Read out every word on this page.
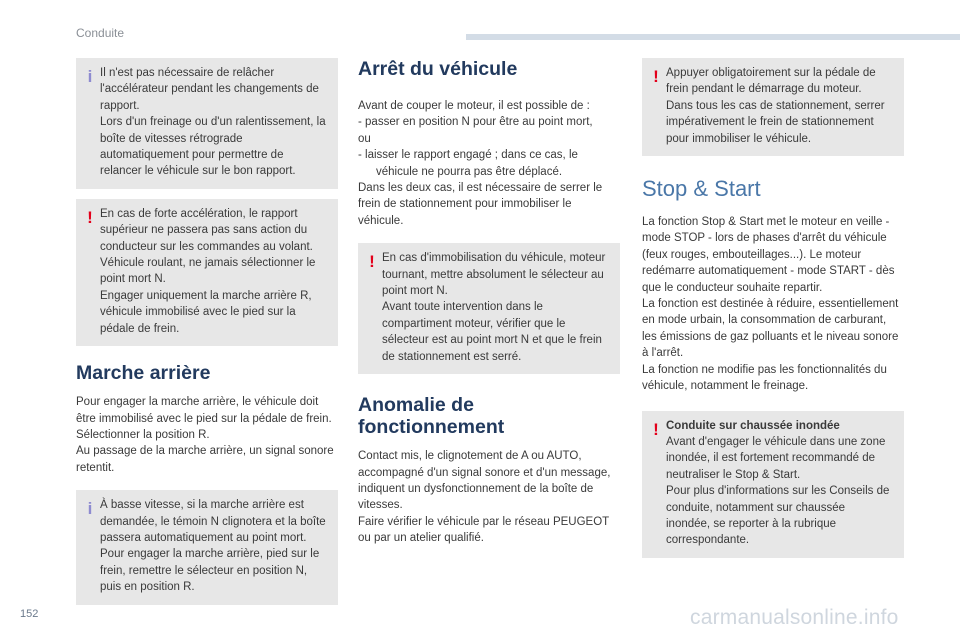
Conduite
i Il n'est pas nécessaire de relâcher l'accélérateur pendant les changements de rapport.

Lors d'un freinage ou d'un ralentissement, la boîte de vitesses rétrograde automatiquement pour permettre de relancer le véhicule sur le bon rapport.

! En cas de forte accélération, le rapport supérieur ne passera pas sans action du conducteur sur les commandes au volant.

Véhicule roulant, ne jamais sélectionner le point mort N.

Engager uniquement la marche arrière R, véhicule immobilisé avec le pied sur la pédale de frein.

Marche arrière

Pour engager la marche arrière, le véhicule doit être immobilisé avec le pied sur la pédale de frein.

Sélectionner la position R.

Au passage de la marche arrière, un signal sonore retentit.

i À basse vitesse, si la marche arrière est demandée, le témoin N clignotera et la boîte passera automatiquement au point mort. Pour engager la marche arrière, pied sur le frein, remettre le sélecteur en position N, puis en position R.

Arrêt du véhicule

Avant de couper le moteur, il est possible de :

- passer en position N pour être au point mort,

ou

- laisser le rapport engagé ; dans ce cas, le véhicule ne pourra pas être déplacé.

Dans les deux cas, il est nécessaire de serrer le frein de stationnement pour immobiliser le véhicule.

! En cas d'immobilisation du véhicule, moteur tournant, mettre absolument le sélecteur au point mort N.

Avant toute intervention dans le compartiment moteur, vérifier que le sélecteur est au point mort N et que le frein de stationnement est serré.

Anomalie de fonctionnement

Contact mis, le clignotement de A ou AUTO, accompagné d'un signal sonore et d'un message, indiquent un dysfonctionnement de la boîte de vitesses.

Faire vérifier le véhicule par le réseau PEUGEOT ou par un atelier qualifié.

! Appuyer obligatoirement sur la pédale de frein pendant le démarrage du moteur.

Dans tous les cas de stationnement, serrer impérativement le frein de stationnement pour immobiliser le véhicule.

Stop & Start

La fonction Stop & Start met le moteur en veille - mode STOP - lors de phases d'arrêt du véhicule (feux rouges, embouteillages...). Le moteur redémarre automatiquement - mode START - dès que le conducteur souhaite repartir.

La fonction est destinée à réduire, essentiellement en mode urbain, la consommation de carburant, les émissions de gaz polluants et le niveau sonore à l'arrêt.

La fonction ne modifie pas les fonctionnalités du véhicule, notamment le freinage.

! Conduite sur chaussée inondée

Avant d'engager le véhicule dans une zone inondée, il est fortement recommandé de neutraliser le Stop & Start.

Pour plus d'informations sur les Conseils de conduite, notamment sur chaussée inondée, se reporter à la rubrique correspondante.

152	carmanualsonline.info
